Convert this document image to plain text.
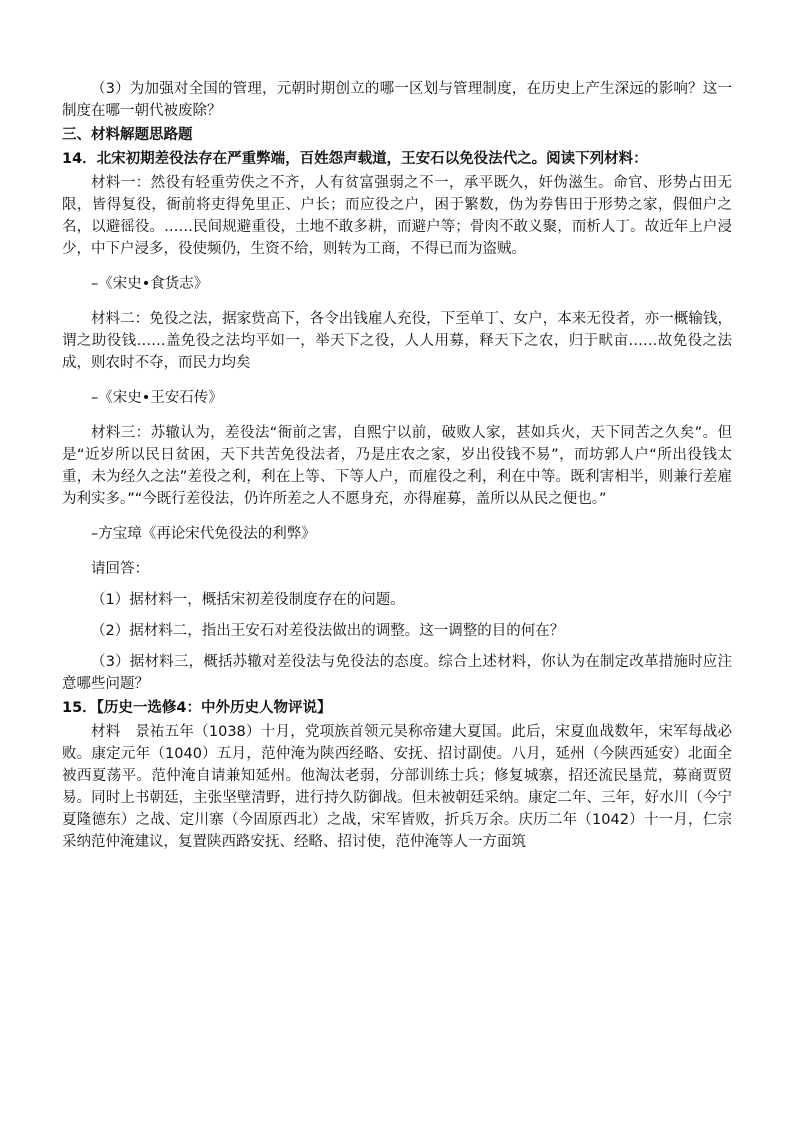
（3）为加强对全国的管理，元朝时期创立的哪一区划与管理制度，在历史上产生深远的影响？这一制度在哪一朝代被废除？

三、材料解题思路题

14．北宋初期差役法存在严重弊端，百姓怨声载道，王安石以免役法代之。阅读下列材料：

材料一：然役有轻重劳佚之不齐，人有贫富强弱之不一，承平既久，奸伪滋生。命官、形势占田无限，皆得复役，衙前将吏得免里正、户长；而应役之户，困于繁数，伪为券售田于形势之家，假佃户之名，以避徭役。……民间规避重役，土地不敢多耕，而避户等；骨肉不敢义聚，而析人丁。故近年上户浸少，中下户浸多，役使频仍，生资不给，则转为工商，不得已而为盗贼。

–《宋史•食货志》

材料二：免役之法，据家赀高下，各令出钱雇人充役，下至单丁、女户，本来无役者，亦一概输钱，谓之助役钱……盖免役之法均平如一，举天下之役，人人用募，释天下之农，归于畎亩……故免役之法成，则农时不夺，而民力均矣

–《宋史•王安石传》

材料三：苏辙认为，差役法“衙前之害，自熙宁以前，破败人家，甚如兵火，天下同苦之久矣”。但是“近岁所以民日贫困，天下共苦免役法者，乃是庄农之家，岁出役钱不易”，而坊郭人户“所出役钱太重，未为经久之法”差役之利，利在上等、下等人户，而雇役之利，利在中等。既利害相半，则兼行差雇为利实多。”“今既行差役法，仍许所差之人不愿身充，亦得雇募，盖所以从民之便也。”

–方宝璋《再论宋代免役法的利弊》

请回答：

（1）据材料一，概括宋初差役制度存在的问题。

（2）据材料二，指出王安石对差役法做出的调整。这一调整的目的何在？

（3）据材料三，概括苏辙对差役法与免役法的态度。综合上述材料，你认为在制定改革措施时应注意哪些问题？

15．【历史一选修4：中外历史人物评说】

材料　景祐五年（1038）十月，党项族首领元昊称帝建大夏国。此后，宋夏血战数年，宋军每战必败。康定元年（1040）五月，范仲淹为陕西经略、安抚、招讨副使。八月，延州（今陕西延安）北面全被西夏荡平。范仲淹自请兼知延州。他淘汰老弱，分部训练士兵；修复城寨，招还流民垦荒，募商贾贸易。同时上书朝廷，主张坚壁清野，进行持久防御战。但未被朝廷采纳。康定二年、三年，好水川（今宁夏隆德东）之战、定川寨（今固原西北）之战，宋军皆败，折兵万余。庆历二年（1042）十一月，仁宗采纳范仲淹建议，复置陕西路安抚、经略、招讨使，范仲淹等人一方面筑
